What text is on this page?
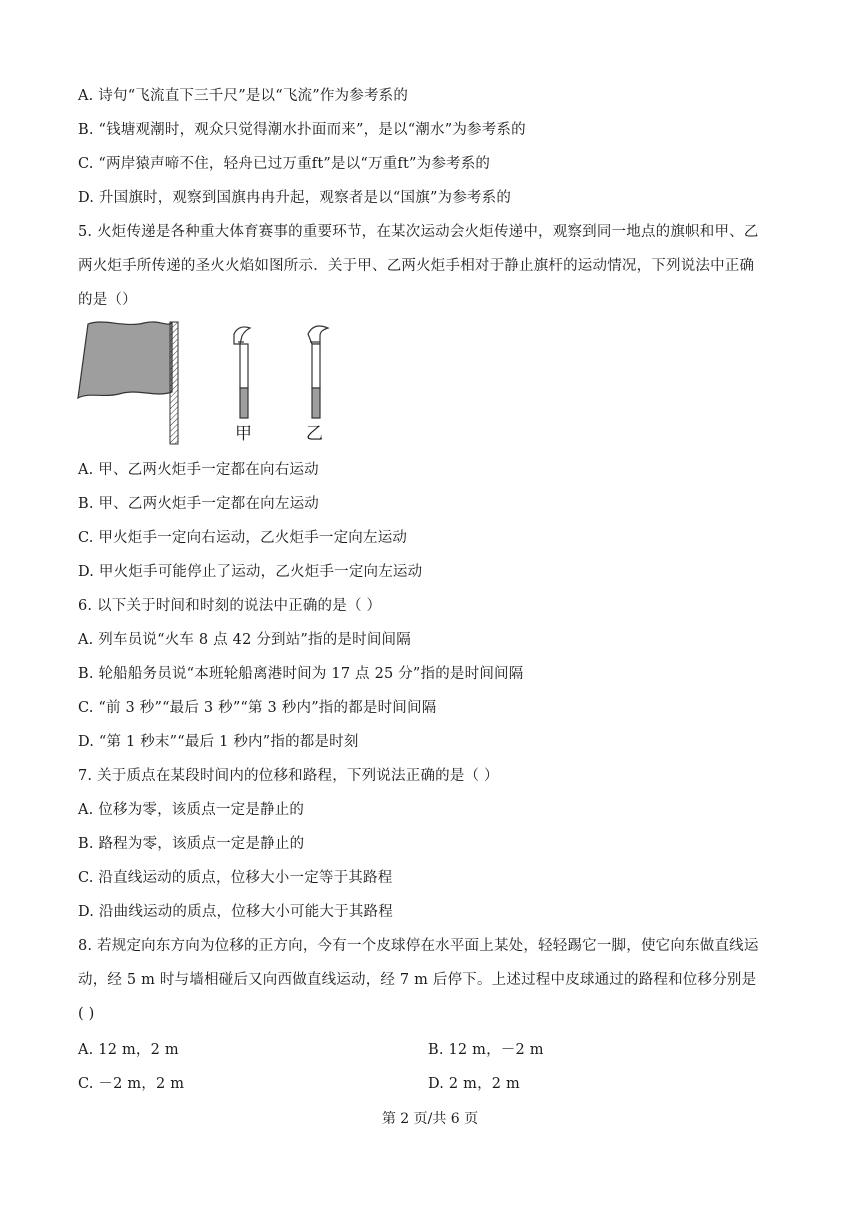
A. 诗句“飞流直下三千尺”是以“飞流”作为参考系的
B. “钱塘观潮时，观众只觉得潮水扑面而来”，是以“潮水”为参考系的
C. “两岸猿声啼不住，轻舟已过万重ft”是以“万重ft”为参考系的
D. 升国旗时，观察到国旗冉冉升起，观察者是以“国旗”为参考系的
5. 火炬传递是各种重大体育赛事的重要环节，在某次运动会火炬传递中，观察到同一地点的旗帜和甲、乙
两火炬手所传递的圣火火焰如图所示．关于甲、乙两火炬手相对于静止旗杆的运动情况，下列说法中正确
的是（）
甲	乙
A. 甲、乙两火炬手一定都在向右运动
B. 甲、乙两火炬手一定都在向左运动
C. 甲火炬手一定向右运动，乙火炬手一定向左运动
D. 甲火炬手可能停止了运动，乙火炬手一定向左运动
6. 以下关于时间和时刻的说法中正确的是（ ）
A. 列车员说“火车 8 点 42 分到站”指的是时间间隔
B. 轮船船务员说“本班轮船离港时间为 17 点 25 分”指的是时间间隔
C. “前 3 秒”“最后 3 秒”“第 3 秒内”指的都是时间间隔
D. “第 1 秒末”“最后 1 秒内”指的都是时刻
7. 关于质点在某段时间内的位移和路程，下列说法正确的是（ ）
A. 位移为零，该质点一定是静止的
B. 路程为零，该质点一定是静止的
C. 沿直线运动的质点，位移大小一定等于其路程
D. 沿曲线运动的质点，位移大小可能大于其路程
8. 若规定向东方向为位移的正方向，今有一个皮球停在水平面上某处，轻轻踢它一脚，使它向东做直线运
动，经 5 m 时与墙相碰后又向西做直线运动，经 7 m 后停下。上述过程中皮球通过的路程和位移分别是
( )
A. 12 m，2 m	B. 12 m，－2 m
C. －2 m，2 m	D. 2 m，2 m
第 2 页/共 6 页
